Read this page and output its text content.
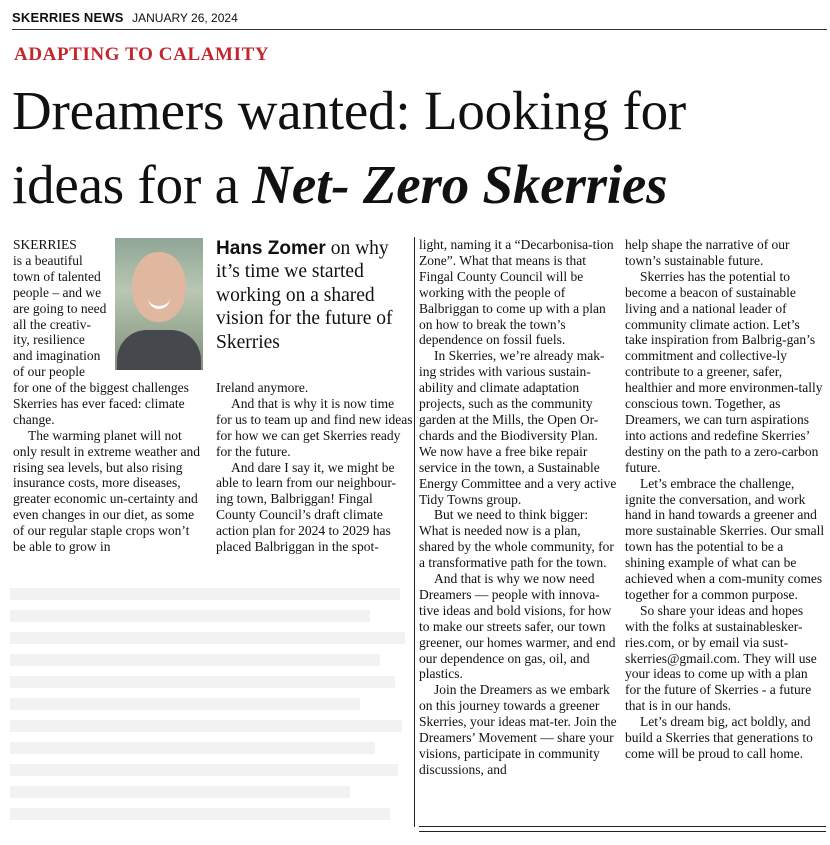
SKERRIES NEWS JANUARY 26, 2024
ADAPTING TO CALAMITY
Dreamers wanted: Looking for
ideas for a Net- Zero Skerries
SKERRIES
is a beautiful
town of talented
people – and we
are going to need
all the creativ-
ity, resilience
and imagination
of our people
Hans Zomer on why it’s time we started working on a shared vision for the future of Skerries

for one of the biggest challenges Skerries has ever faced: climate change.

The warming planet will not only result in extreme weather and rising sea levels, but also rising insurance costs, more diseases, greater economic un-certainty and even changes in our diet, as some of our regular staple crops won’t be able to grow in

Ireland anymore.

And that is why it is now time for us to team up and find new ideas for how we can get Skerries ready for the future.

And dare I say it, we might be able to learn from our neighbour-ing town, Balbriggan! Fingal County Council’s draft climate action plan for 2024 to 2029 has placed Balbriggan in the spot-

light, naming it a “Decarbonisa-tion Zone”. What that means is that Fingal County Council will be working with the people of Balbriggan to come up with a plan on how to break the town’s dependence on fossil fuels.

In Skerries, we’re already mak-ing strides with various sustain-ability and climate adaptation projects, such as the community garden at the Mills, the Open Or-chards and the Biodiversity Plan. We now have a free bike repair service in the town, a Sustainable Energy Committee and a very active Tidy Towns group.

But we need to think bigger: What is needed now is a plan, shared by the whole community, for a transformative path for the town.

And that is why we now need Dreamers — people with innova-tive ideas and bold visions, for how to make our streets safer, our town greener, our homes warmer, and end our dependence on gas, oil, and plastics.

Join the Dreamers as we embark on this journey towards a greener Skerries, your ideas mat-ter. Join the Dreamers’ Movement — share your visions, participate in community discussions, and

help shape the narrative of our town’s sustainable future.

Skerries has the potential to become a beacon of sustainable living and a national leader of community climate action. Let’s take inspiration from Balbrig-gan’s commitment and collective-ly contribute to a greener, safer, healthier and more environmen-tally conscious town. Together, as Dreamers, we can turn aspirations into actions and redefine Skerries’ destiny on the path to a zero-carbon future.

Let’s embrace the challenge, ignite the conversation, and work hand in hand towards a greener and more sustainable Skerries. Our small town has the potential to be a shining example of what can be achieved when a com-munity comes together for a common purpose.

So share your ideas and hopes with the folks at sustainablesker-ries.com, or by email via sust-skerries@gmail.com. They will use your ideas to come up with a plan for the future of Skerries - a future that is in our hands.

Let’s dream big, act boldly, and build a Skerries that generations to come will be proud to call home.
